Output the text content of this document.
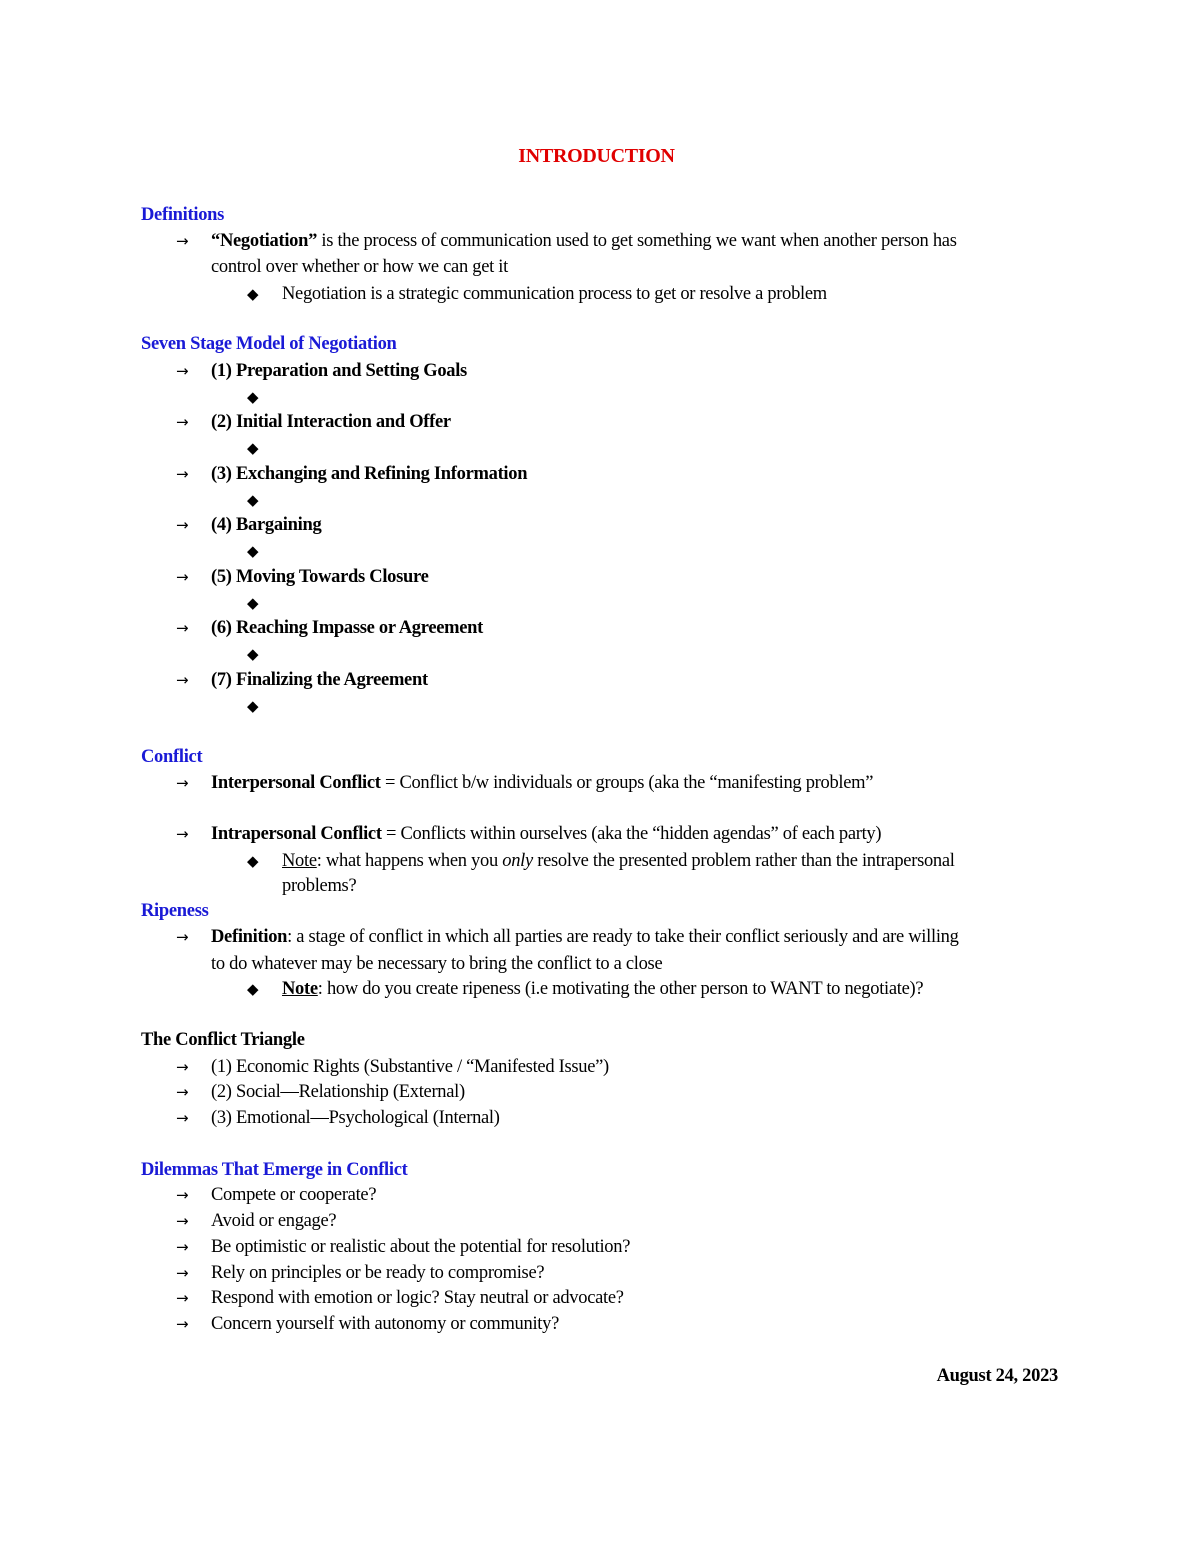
INTRODUCTION
Definitions
→ “Negotiation” is the process of communication used to get something we want when another person has
control over whether or how we can get it
◆ Negotiation is a strategic communication process to get or resolve a problem
Seven Stage Model of Negotiation
→ (1) Preparation and Setting Goals
◆
→ (2) Initial Interaction and Offer
◆
→ (3) Exchanging and Refining Information
◆
→ (4) Bargaining
◆
→ (5) Moving Towards Closure
◆
→ (6) Reaching Impasse or Agreement
◆
→ (7) Finalizing the Agreement
◆
Conflict
→ Interpersonal Conflict = Conflict b/w individuals or groups (aka the “manifesting problem”
→ Intrapersonal Conflict = Conflicts within ourselves (aka the “hidden agendas” of each party)
◆ Note: what happens when you only resolve the presented problem rather than the intrapersonal
problems?
Ripeness
→ Definition: a stage of conflict in which all parties are ready to take their conflict seriously and are willing
to do whatever may be necessary to bring the conflict to a close
◆ Note: how do you create ripeness (i.e motivating the other person to WANT to negotiate)?
The Conflict Triangle
→ (1) Economic Rights (Substantive / “Manifested Issue”)
→ (2) Social—Relationship (External)
→ (3) Emotional—Psychological (Internal)
Dilemmas That Emerge in Conflict
→ Compete or cooperate?
→ Avoid or engage?
→ Be optimistic or realistic about the potential for resolution?
→ Rely on principles or be ready to compromise?
→ Respond with emotion or logic? Stay neutral or advocate?
→ Concern yourself with autonomy or community?
August 24, 2023
